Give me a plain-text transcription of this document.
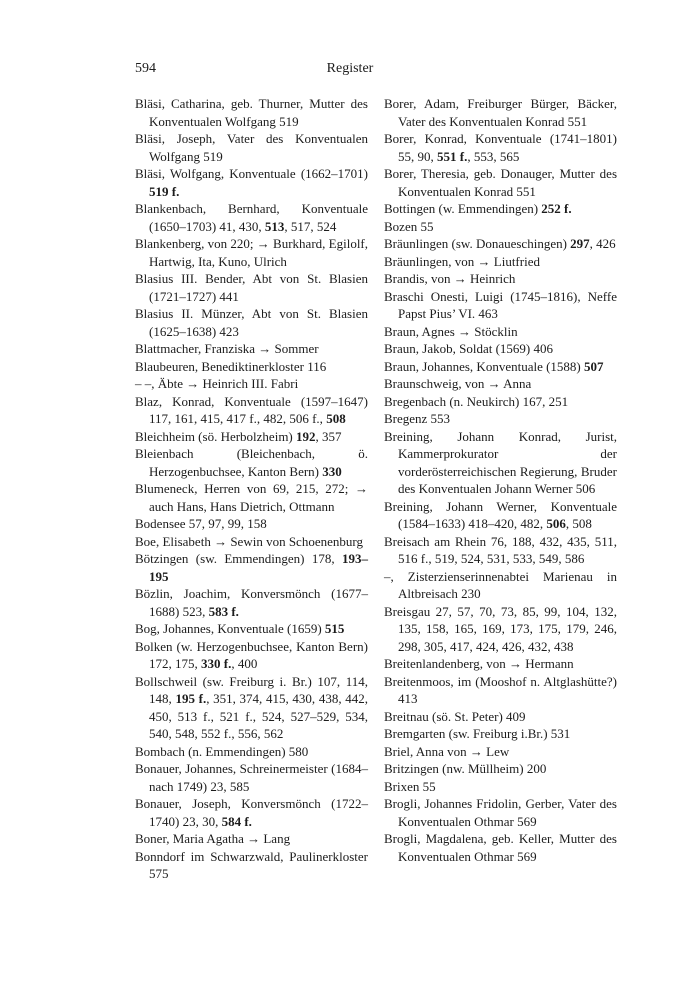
594	Register

Bläsi, Catharina, geb. Thurner, Mutter des Konventualen Wolfgang 519

Bläsi, Joseph, Vater des Konventualen Wolfgang 519

Bläsi, Wolfgang, Konventuale (1662–1701) 519 f.

Blankenbach, Bernhard, Konventuale (1650–1703) 41, 430, 513, 517, 524

Blankenberg, von 220; → Burkhard, Egilolf, Hartwig, Ita, Kuno, Ulrich

Blasius III. Bender, Abt von St. Blasien (1721–1727) 441

Blasius II. Münzer, Abt von St. Blasien (1625–1638) 423

Blattmacher, Franziska → Sommer

Blaubeuren, Benediktinerkloster 116

– –, Äbte → Heinrich III. Fabri

Blaz, Konrad, Konventuale (1597–1647) 117, 161, 415, 417 f., 482, 506 f., 508

Bleichheim (sö. Herbolzheim) 192, 357

Bleienbach (Bleichenbach, ö. Herzogenbuchsee, Kanton Bern) 330

Blumeneck, Herren von 69, 215, 272; → auch Hans, Hans Dietrich, Ottmann

Bodensee 57, 97, 99, 158

Boe, Elisabeth → Sewin von Schoenenburg

Bötzingen (sw. Emmendingen) 178, 193–195

Bözlin, Joachim, Konversmönch (1677–1688) 523, 583 f.

Bog, Johannes, Konventuale (1659) 515

Bolken (w. Herzogenbuchsee, Kanton Bern) 172, 175, 330 f., 400

Bollschweil (sw. Freiburg i. Br.) 107, 114, 148, 195 f., 351, 374, 415, 430, 438, 442, 450, 513 f., 521 f., 524, 527–529, 534, 540, 548, 552 f., 556, 562

Bombach (n. Emmendingen) 580

Bonauer, Johannes, Schreinermeister (1684–nach 1749) 23, 585

Bonauer, Joseph, Konversmönch (1722–1740) 23, 30, 584 f.

Boner, Maria Agatha → Lang

Bonndorf im Schwarzwald, Paulinerkloster 575

Borer, Adam, Freiburger Bürger, Bäcker, Vater des Konventualen Konrad 551

Borer, Konrad, Konventuale (1741–1801) 55, 90, 551 f., 553, 565

Borer, Theresia, geb. Donauger, Mutter des Konventualen Konrad 551

Bottingen (w. Emmendingen) 252 f.

Bozen 55

Bräunlingen (sw. Donaueschingen) 297, 426

Bräunlingen, von → Liutfried

Brandis, von → Heinrich

Braschi Onesti, Luigi (1745–1816), Neffe Papst Pius’ VI. 463

Braun, Agnes → Stöcklin

Braun, Jakob, Soldat (1569) 406

Braun, Johannes, Konventuale (1588) 507

Braunschweig, von → Anna

Bregenbach (n. Neukirch) 167, 251

Bregenz 553

Breining, Johann Konrad, Jurist, Kammerprokurator der vorderösterreichischen Regierung, Bruder des Konventualen Johann Werner 506

Breining, Johann Werner, Konventuale (1584–1633) 418–420, 482, 506, 508

Breisach am Rhein 76, 188, 432, 435, 511, 516 f., 519, 524, 531, 533, 549, 586

–, Zisterzienserinnenabtei Marienau in Altbreisach 230

Breisgau 27, 57, 70, 73, 85, 99, 104, 132, 135, 158, 165, 169, 173, 175, 179, 246, 298, 305, 417, 424, 426, 432, 438

Breitenlandenberg, von → Hermann

Breitenmoos, im (Mooshof n. Altglashütte?) 413

Breitnau (sö. St. Peter) 409

Bremgarten (sw. Freiburg i.Br.) 531

Briel, Anna von → Lew

Britzingen (nw. Müllheim) 200

Brixen 55

Brogli, Johannes Fridolin, Gerber, Vater des Konventualen Othmar 569

Brogli, Magdalena, geb. Keller, Mutter des Konventualen Othmar 569
